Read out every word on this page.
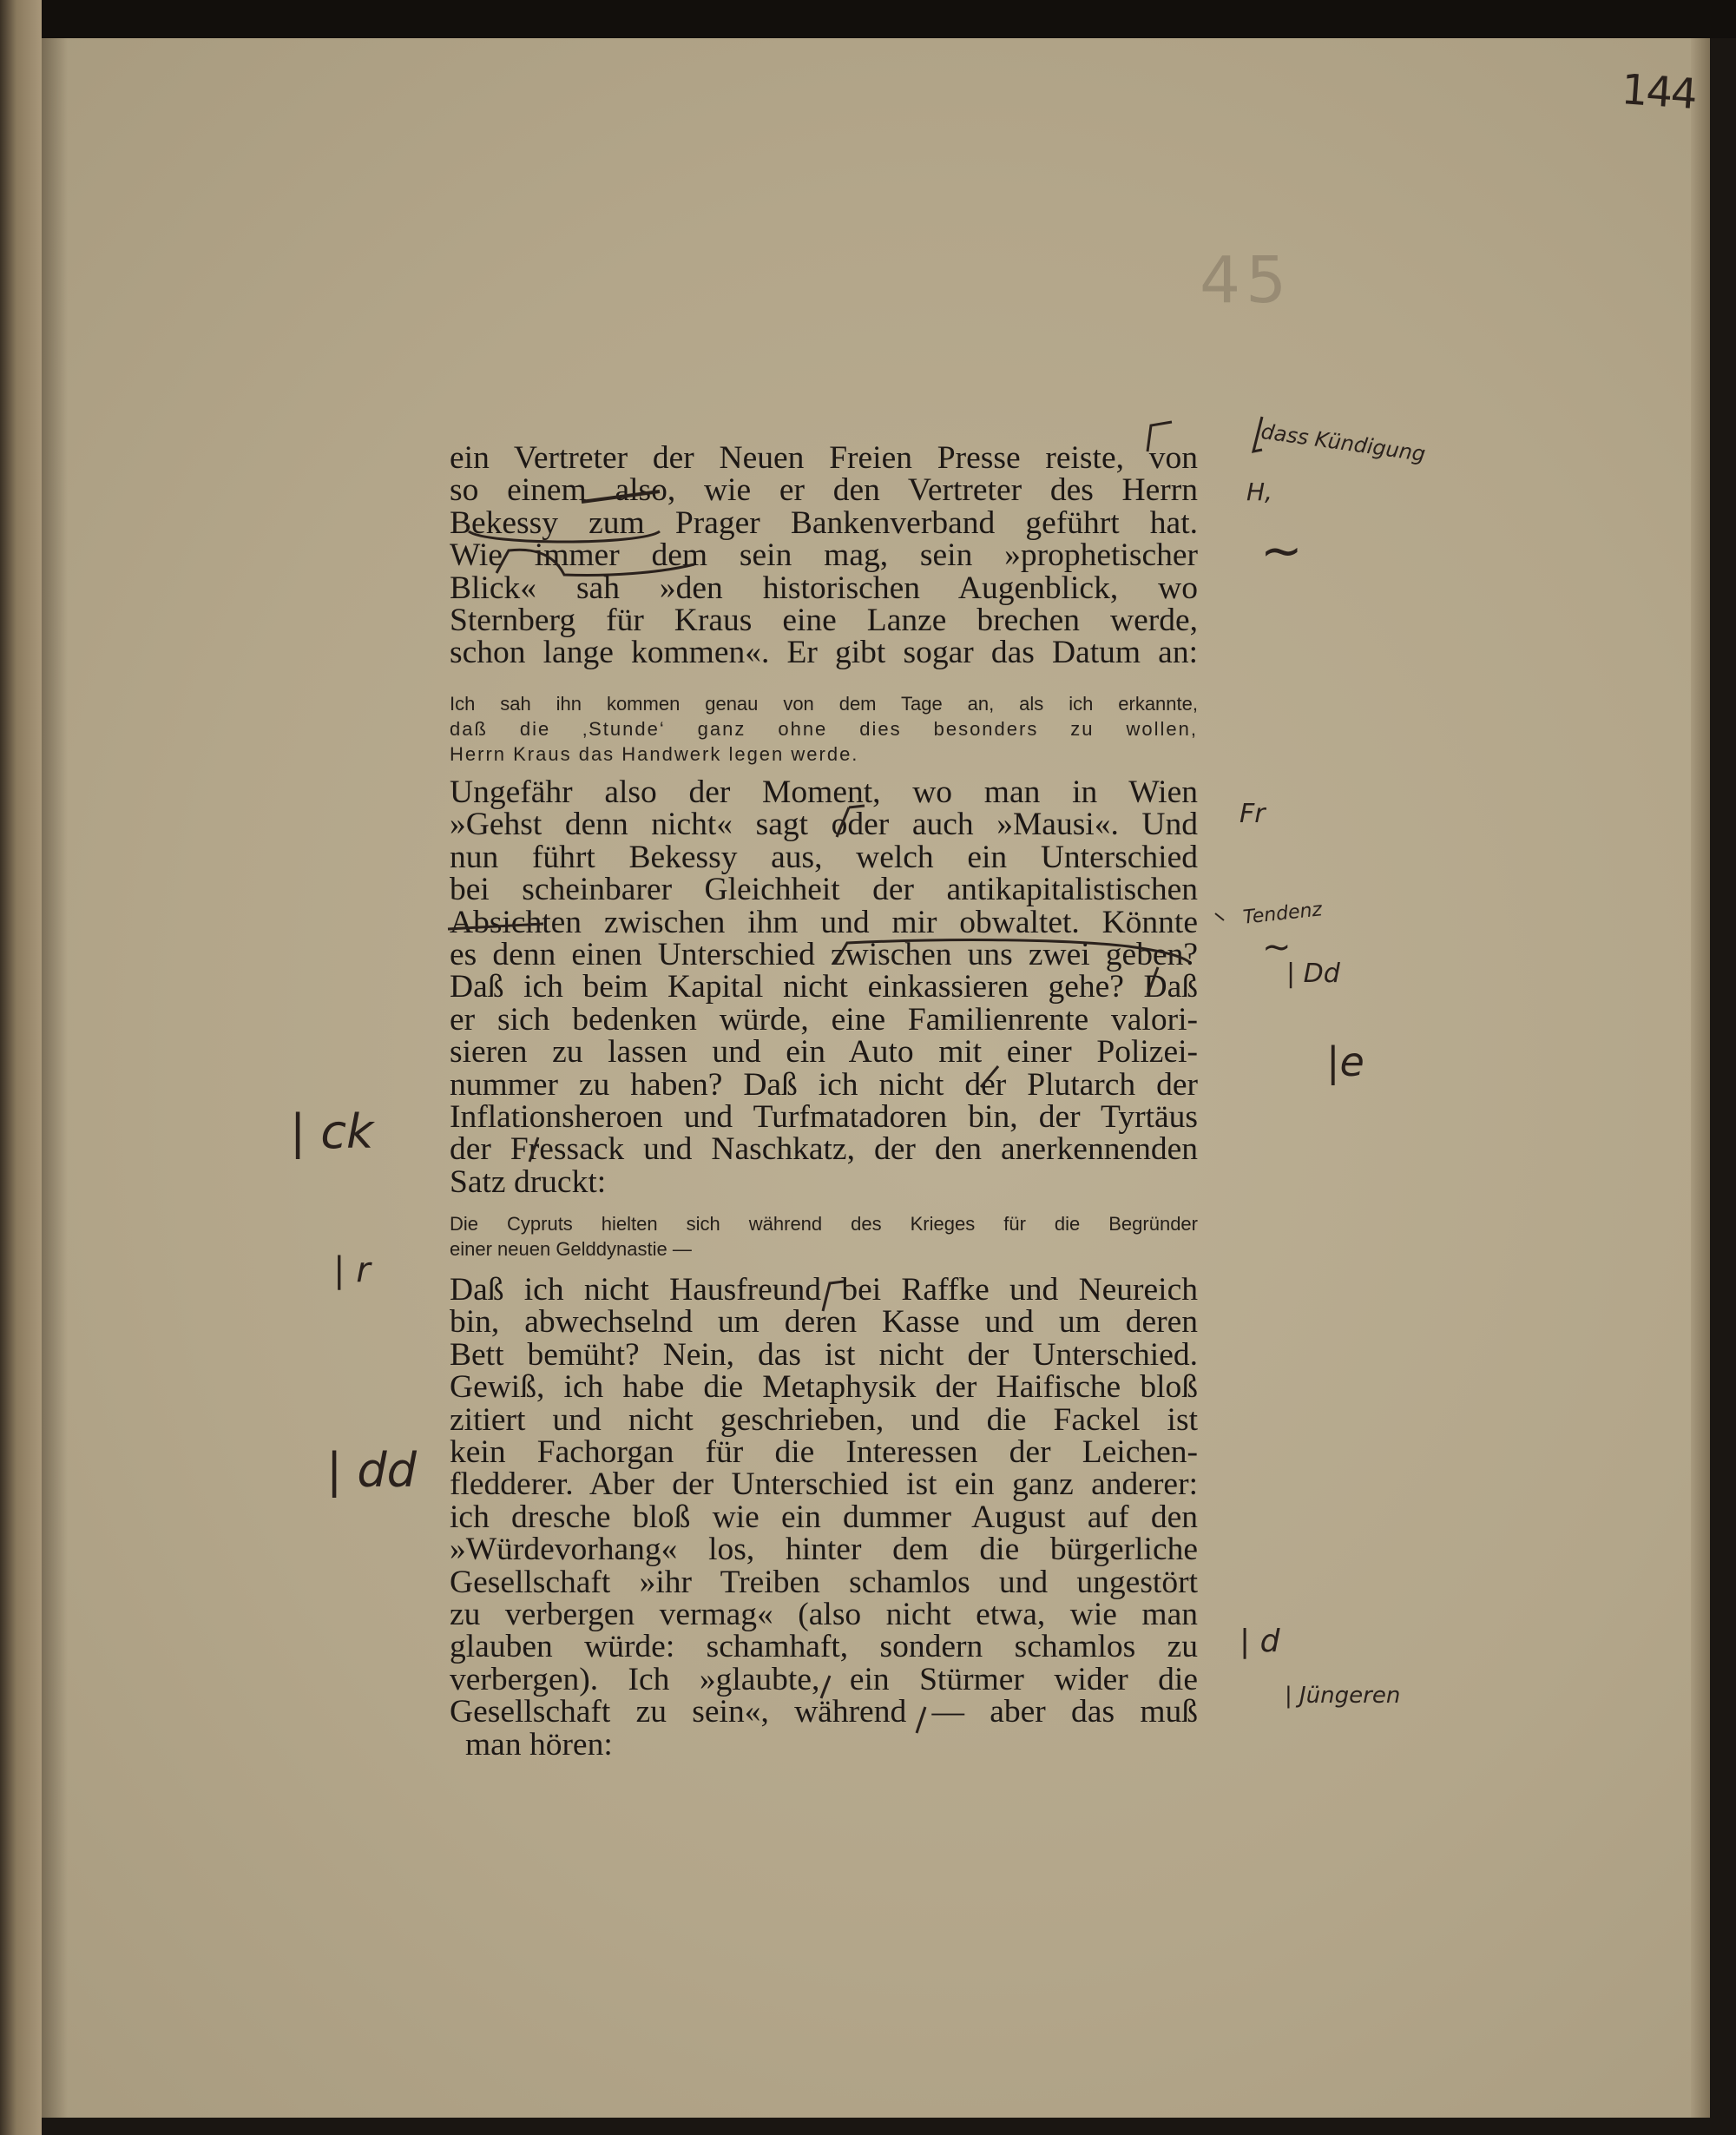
144
45
ein Vertreter der Neuen Freien Presse reiste, von
so einem also, wie er den Vertreter des Herrn
Bekessy zum Prager Bankenverband geführt hat.
Wie immer dem sein mag, sein »prophetischer
Blick« sah »den historischen Augenblick, wo
Sternberg für Kraus eine Lanze brechen werde,
schon lange kommen«. Er gibt sogar das Datum an:
Ich sah ihn kommen genau von dem Tage an, als ich erkannte,
daß die ‚Stunde‘ ganz ohne dies besonders zu wollen,
Herrn Kraus das Handwerk legen werde.
Ungefähr also der Moment, wo man in Wien
»Gehst denn nicht« sagt oder auch »Mausi«. Und
nun führt Bekessy aus, welch ein Unterschied
bei scheinbarer Gleichheit der antikapitalistischen
Absichten zwischen ihm und mir obwaltet. Könnte
es denn einen Unterschied zwischen uns zwei geben?
Daß ich beim Kapital nicht einkassieren gehe? Daß
er sich bedenken würde, eine Familienrente valori-
sieren zu lassen und ein Auto mit einer Polizei-
nummer zu haben? Daß ich nicht der Plutarch der
Inflationsheroen und Turfmatadoren bin, der Tyrtäus
der Fressack und Naschkatz, der den anerkennenden
Satz druckt:
Die Cypruts hielten sich während des Krieges für die Begründer
einer neuen Gelddynastie —
Daß ich nicht Hausfreund bei Raffke und Neureich
bin, abwechselnd um deren Kasse und um deren
Bett bemüht? Nein, das ist nicht der Unterschied.
Gewiß, ich habe die Metaphysik der Haifische bloß
zitiert und nicht geschrieben, und die Fackel ist
kein Fachorgan für die Interessen der Leichen-
fledderer. Aber der Unterschied ist ein ganz anderer:
ich dresche bloß wie ein dummer August auf den
»Würdevorhang« los, hinter dem die bürgerliche
Gesellschaft »ihr Treiben schamlos und ungestört
zu verbergen vermag« (also nicht etwa, wie man
glauben würde: schamhaft, sondern schamlos zu
verbergen). Ich »glaubte, ein Stürmer wider die
Gesellschaft zu sein«, während — aber das muß
man hören:
dass Kündigung
H,
~
Fr
Tendenz
~
| Dd
|e
| d
| Jüngeren
| ck
| r
| dd
